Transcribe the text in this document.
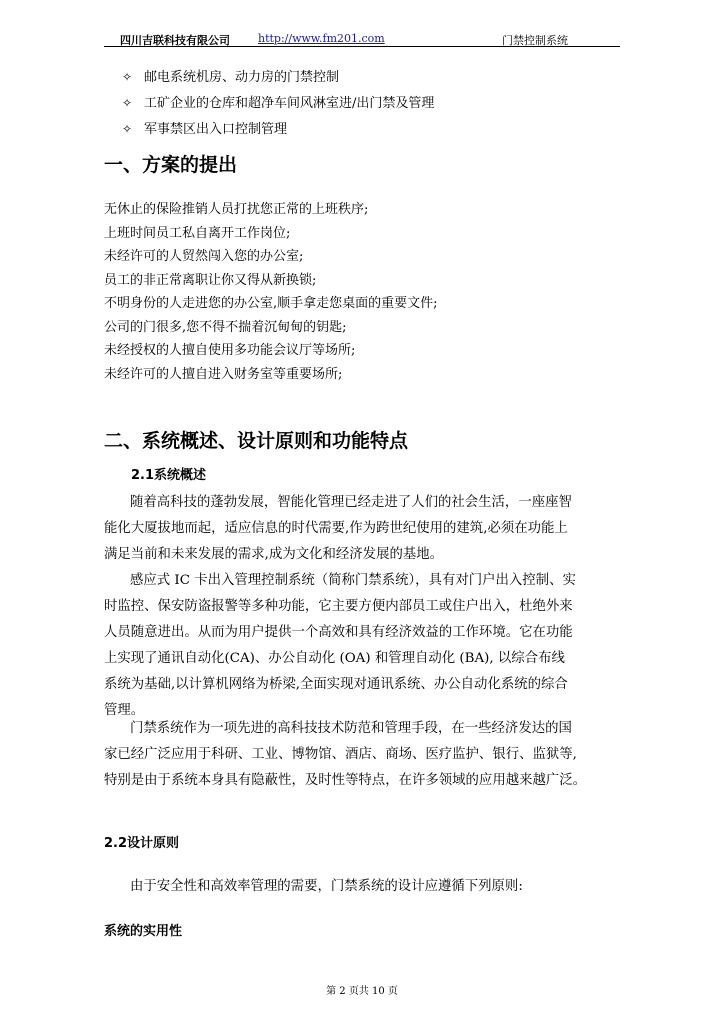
四川吉联科技有限公司	http://www.fm201.com	门禁控制系统
✧ 邮电系统机房、动力房的门禁控制
✧ 工矿企业的仓库和超净车间风淋室进/出门禁及管理
✧ 军事禁区出入口控制管理
一、方案的提出
无休止的保险推销人员打扰您正常的上班秩序;
上班时间员工私自离开工作岗位;
未经许可的人贸然闯入您的办公室;
员工的非正常离职让你又得从新换锁;
不明身份的人走进您的办公室,顺手拿走您桌面的重要文件;
公司的门很多,您不得不揣着沉甸甸的钥匙;
未经授权的人擅自使用多功能会议厅等场所;
未经许可的人擅自进入财务室等重要场所;
二、系统概述、设计原则和功能特点
2.1系统概述
随着高科技的蓬勃发展，智能化管理已经走进了人们的社会生活，一座座智
能化大厦拔地而起，适应信息的时代需要,作为跨世纪使用的建筑,必须在功能上
满足当前和未来发展的需求,成为文化和经济发展的基地。
感应式 IC 卡出入管理控制系统（简称门禁系统），具有对门户出入控制、实
时监控、保安防盗报警等多种功能，它主要方便内部员工或住户出入，杜绝外来
人员随意进出。从而为用户提供一个高效和具有经济效益的工作环境。它在功能
上实现了通讯自动化(CA)、办公自动化 (OA) 和管理自动化 (BA), 以综合布线
系统为基础,以计算机网络为桥梁,全面实现对通讯系统、办公自动化系统的综合
管理。
门禁系统作为一项先进的高科技技术防范和管理手段，在一些经济发达的国
家已经广泛应用于科研、工业、博物馆、酒店、商场、医疗监护、银行、监狱等,
特别是由于系统本身具有隐蔽性，及时性等特点，在许多领域的应用越来越广泛。
2.2设计原则
由于安全性和高效率管理的需要，门禁系统的设计应遵循下列原则:
系统的实用性
第 2 页共 10 页
